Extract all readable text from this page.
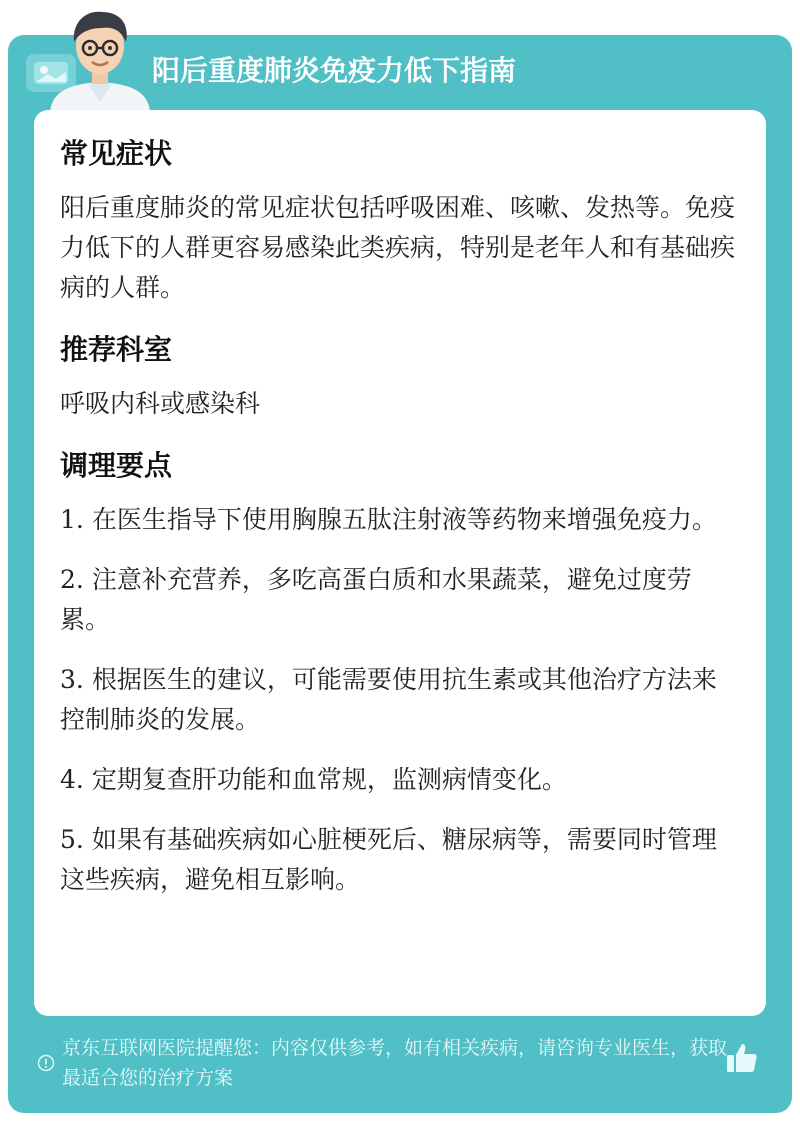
阳后重度肺炎免疫力低下指南
常见症状
阳后重度肺炎的常见症状包括呼吸困难、咳嗽、发热等。免疫力低下的人群更容易感染此类疾病，特别是老年人和有基础疾病的人群。
推荐科室
呼吸内科或感染科
调理要点
1. 在医生指导下使用胸腺五肽注射液等药物来增强免疫力。
2. 注意补充营养，多吃高蛋白质和水果蔬菜，避免过度劳累。
3. 根据医生的建议，可能需要使用抗生素或其他治疗方法来控制肺炎的发展。
4. 定期复查肝功能和血常规，监测病情变化。
5. 如果有基础疾病如心脏梗死后、糖尿病等，需要同时管理这些疾病，避免相互影响。
京东互联网医院提醒您：内容仅供参考，如有相关疾病，请咨询专业医生，获取最适合您的治疗方案
